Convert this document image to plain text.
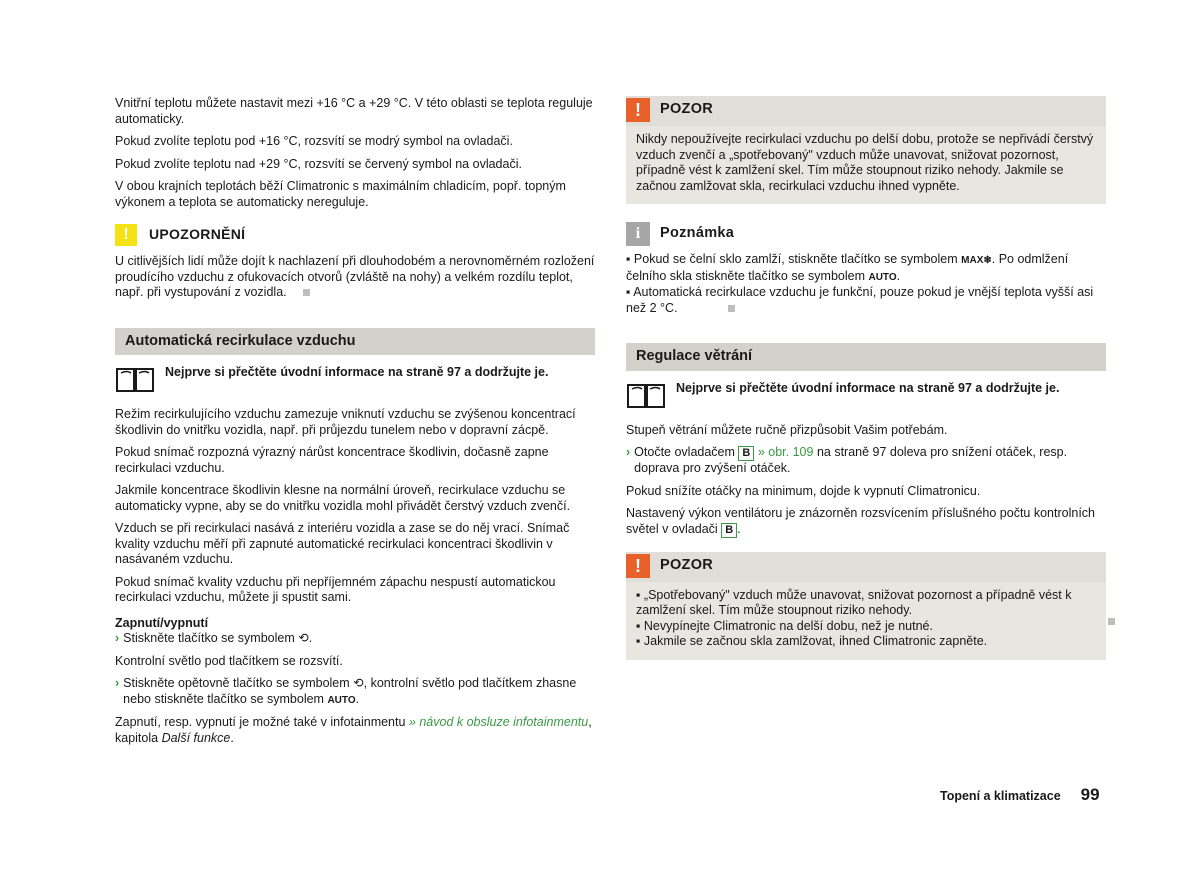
Vnitřní teplotu můžete nastavit mezi +16 °C a +29 °C. V této oblasti se teplota reguluje automaticky.

Pokud zvolíte teplotu pod +16 °C, rozsvítí se modrý symbol na ovladači.

Pokud zvolíte teplotu nad +29 °C, rozsvítí se červený symbol na ovladači.

V obou krajních teplotách běží Climatronic s maximálním chladicím, popř. topným výkonem a teplota se automaticky nereguluje.

!	UPOZORNĚNÍ

U citlivějších lidí může dojít k nachlazení při dlouhodobém a nerovnoměrném rozložení proudícího vzduchu z ofukovacích otvorů (zvláště na nohy) a velkém rozdílu teplot, např. při vystupování z vozidla.

Automatická recirkulace vzduchu
Nejprve si přečtěte úvodní informace na straně 97 a dodržujte je.

Režim recirkulujícího vzduchu zamezuje vniknutí vzduchu se zvýšenou koncentrací škodlivin do vnitřku vozidla, např. při průjezdu tunelem nebo v dopravní zácpě.

Pokud snímač rozpozná výrazný nárůst koncentrace škodlivin, dočasně zapne recirkulaci vzduchu.

Jakmile koncentrace škodlivin klesne na normální úroveň, recirkulace vzduchu se automaticky vypne, aby se do vnitřku vozidla mohl přivádět čerstvý vzduch zvenčí.

Vzduch se při recirkulaci nasává z interiéru vozidla a zase se do něj vrací. Snímač kvality vzduchu měří při zapnuté automatické recirkulaci koncentraci škodlivin v nasávaném vzduchu.

Pokud snímač kvality vzduchu při nepříjemném zápachu nespustí automatickou recirkulaci vzduchu, můžete ji spustit sami.

Zapnutí/vypnutí
› Stiskněte tlačítko se symbolem ⟲.

Kontrolní světlo pod tlačítkem se rozsvítí.

› Stiskněte opětovně tlačítko se symbolem ⟲, kontrolní světlo pod tlačítkem zhasne nebo stiskněte tlačítko se symbolem AUTO.

Zapnutí, resp. vypnutí je možné také v infotainmentu » návod k obsluze infotainmentu, kapitola Další funkce.

!	POZOR

Nikdy nepoužívejte recirkulaci vzduchu po delší dobu, protože se nepřivádí čerstvý vzduch zvenčí a „spotřebovaný" vzduch může unavovat, snižovat pozornost, případně vést k zamlžení skel. Tím může stoupnout riziko nehody. Jakmile se začnou zamlžovat skla, recirkulaci vzduchu ihned vypněte.

i	Poznámka

▪ Pokud se čelní sklo zamlží, stiskněte tlačítko se symbolem MAX❄. Po odmlžení čelního skla stiskněte tlačítko se symbolem AUTO.

▪ Automatická recirkulace vzduchu je funkční, pouze pokud je vnější teplota vyšší asi než 2 °C.

Regulace větrání
Nejprve si přečtěte úvodní informace na straně 97 a dodržujte je.

Stupeň větrání můžete ručně přizpůsobit Vašim potřebám.

› Otočte ovladačem B » obr. 109 na straně 97 doleva pro snížení otáček, resp. doprava pro zvýšení otáček.

Pokud snížíte otáčky na minimum, dojde k vypnutí Climatronicu.

Nastavený výkon ventilátoru je znázorněn rozsvícením příslušného počtu kontrolních světel v ovladači B .

!	POZOR

▪ „Spotřebovaný" vzduch může unavovat, snižovat pozornost a případně vést k zamlžení skel. Tím může stoupnout riziko nehody.

▪ Nevypínejte Climatronic na delší dobu, než je nutné.

▪ Jakmile se začnou skla zamlžovat, ihned Climatronic zapněte.

Topení a klimatizace 99
